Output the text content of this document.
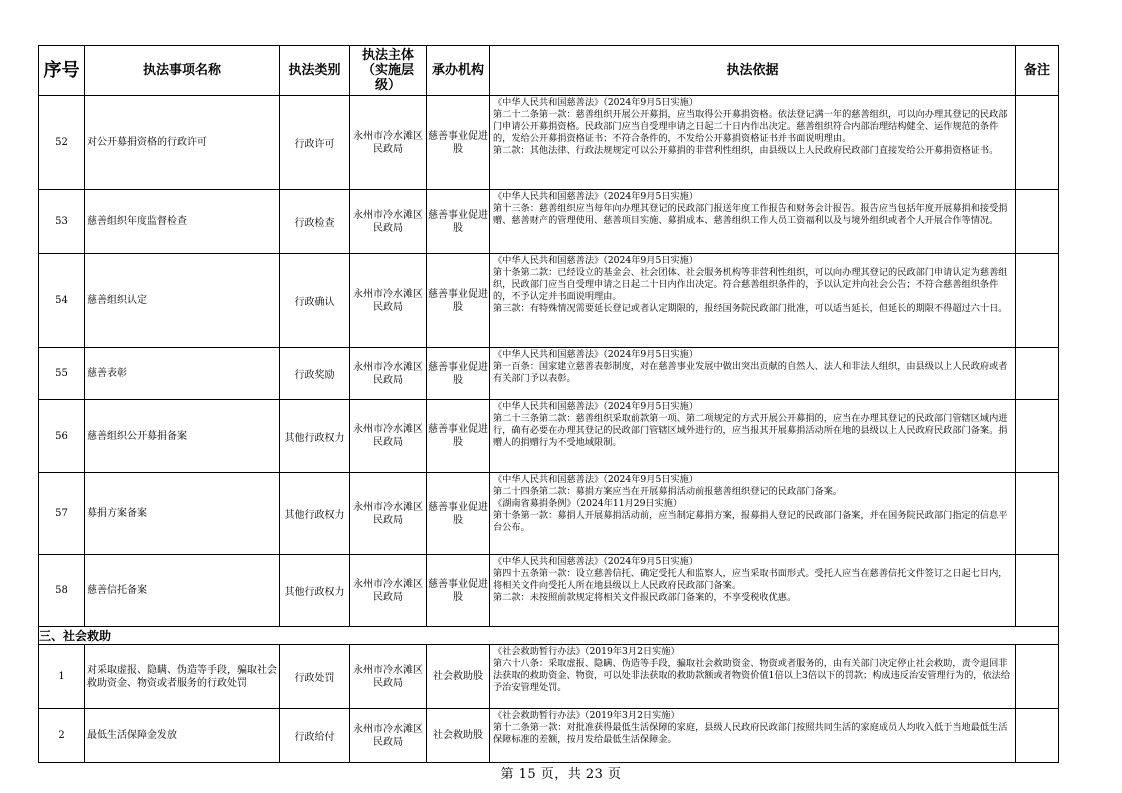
序号	执法事项名称	执法类别	执法主体（实施层级）	承办机构	执法依据	备注
52	对公开募捐资格的行政许可	行政许可	永州市冷水滩区民政局	慈善事业促进股	《中华人民共和国慈善法》（2024年9月5日实施）
第二十二条第一款：慈善组织开展公开募捐，应当取得公开募捐资格。依法登记满一年的慈善组织，可以向办理其登记的民政部门申请公开募捐资格。民政部门应当自受理申请之日起二十日内作出决定。慈善组织符合内部治理结构健全、运作规范的条件的，发给公开募捐资格证书；不符合条件的，不发给公开募捐资格证书并书面说明理由。
第二款：其他法律、行政法规规定可以公开募捐的非营利性组织，由县级以上人民政府民政部门直接发给公开募捐资格证书。	

53	慈善组织年度监督检查	行政检查	永州市冷水滩区民政局	慈善事业促进股	《中华人民共和国慈善法》（2024年9月5日实施）
第十三条：慈善组织应当每年向办理其登记的民政部门报送年度工作报告和财务会计报告。报告应当包括年度开展募捐和接受捐赠、慈善财产的管理使用、慈善项目实施、募捐成本、慈善组织工作人员工资福利以及与境外组织或者个人开展合作等情况。	

54	慈善组织认定	行政确认	永州市冷水滩区民政局	慈善事业促进股	《中华人民共和国慈善法》（2024年9月5日实施）
第十条第二款：已经设立的基金会、社会团体、社会服务机构等非营利性组织，可以向办理其登记的民政部门申请认定为慈善组织，民政部门应当自受理申请之日起二十日内作出决定。符合慈善组织条件的，予以认定并向社会公告；不符合慈善组织条件的，不予认定并书面说明理由。
第三款：有特殊情况需要延长登记或者认定期限的，报经国务院民政部门批准，可以适当延长，但延长的期限不得超过六十日。	

55	慈善表彰	行政奖励	永州市冷水滩区民政局	慈善事业促进股	《中华人民共和国慈善法》（2024年9月5日实施）
第一百条：国家建立慈善表彰制度，对在慈善事业发展中做出突出贡献的自然人、法人和非法人组织，由县级以上人民政府或者有关部门予以表彰。	

56	慈善组织公开募捐备案	其他行政权力	永州市冷水滩区民政局	慈善事业促进股	《中华人民共和国慈善法》（2024年9月5日实施）
第二十三条第二款：慈善组织采取前款第一项、第二项规定的方式开展公开募捐的，应当在办理其登记的民政部门管辖区域内进行，确有必要在办理其登记的民政部门管辖区域外进行的，应当报其开展募捐活动所在地的县级以上人民政府民政部门备案。捐赠人的捐赠行为不受地域限制。	

57	募捐方案备案	其他行政权力	永州市冷水滩区民政局	慈善事业促进股	《中华人民共和国慈善法》（2024年9月5日实施）
第二十四条第二款：募捐方案应当在开展募捐活动前报慈善组织登记的民政部门备案。
《湖南省募捐条例》（2024年11月29日实施）
第十条第一款：募捐人开展募捐活动前，应当制定募捐方案，报募捐人登记的民政部门备案，并在国务院民政部门指定的信息平台公布。	

58	慈善信托备案	其他行政权力	永州市冷水滩区民政局	慈善事业促进股	《中华人民共和国慈善法》（2024年9月5日实施）
第四十五条第一款：设立慈善信托、确定受托人和监察人，应当采取书面形式。受托人应当在慈善信托文件签订之日起七日内，将相关文件向受托人所在地县级以上人民政府民政部门备案。
第二款：未按照前款规定将相关文件报民政部门备案的，不享受税收优惠。	

三、社会救助						
1	对采取虚报、隐瞒、伪造等手段，骗取社会救助资金、物资或者服务的行政处罚	行政处罚	永州市冷水滩区民政局	社会救助股	《社会救助暂行办法》（2019年3月2日实施）
第六十八条：采取虚报、隐瞒、伪造等手段，骗取社会救助资金、物资或者服务的，由有关部门决定停止社会救助，责令退回非法获取的救助资金、物资，可以处非法获取的救助款额或者物资价值1倍以上3倍以下的罚款；构成违反治安管理行为的，依法给予治安管理处罚。	

2	最低生活保障金发放	行政给付	永州市冷水滩区民政局	社会救助股	《社会救助暂行办法》（2019年3月2日实施）
第十二条第一款：对批准获得最低生活保障的家庭，县级人民政府民政部门按照共同生活的家庭成员人均收入低于当地最低生活保障标准的差额，按月发给最低生活保障金。	

第 15 页，共 23 页
